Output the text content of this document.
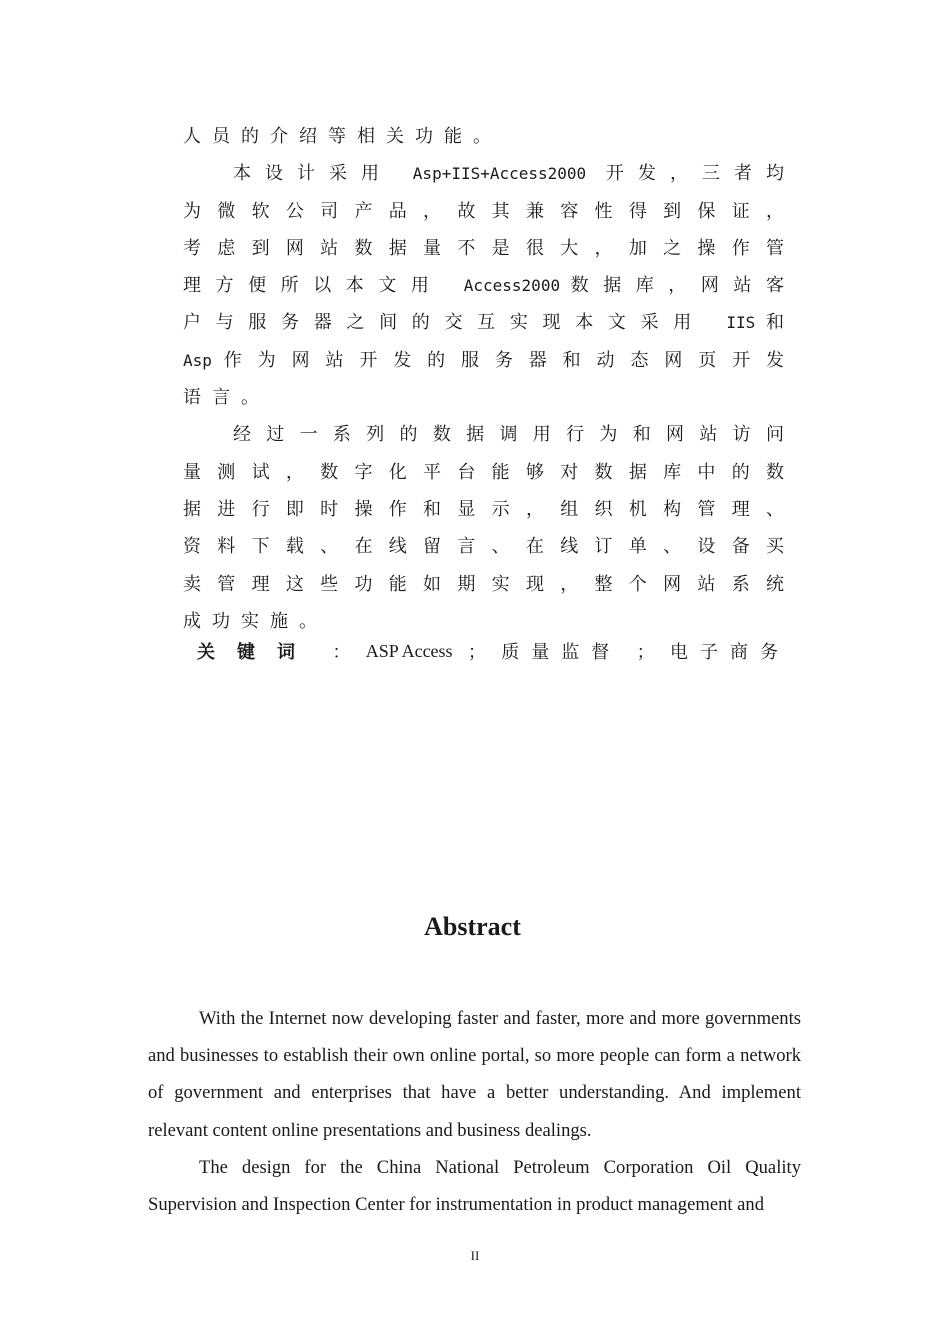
人员的介绍等相关功能。

本设计采用 Asp+IIS+Access2000 开发，三者均

为微软公司产品，故其兼容性得到保证，

考虑到网站数据量不是很大，加之操作管

理方便所以本文用 Access2000数据库，网站客

户与服务器之间的交互实现本文采用 IIS和

Asp作为网站开发的服务器和动态网页开发

语言。

经过一系列的数据调用行为和网站访问

量测试，数字化平台能够对数据库中的数

据进行即时操作和显示，组织机构管理、

资料下载、在线留言、在线订单、设备买

卖管理这些功能如期实现，整个网站系统

成功实施。

关键词 ： ASP Access ； 质量监督 ； 电子商务
Abstract

With the Internet now developing faster and faster, more and more governments and businesses to establish their own online portal, so more people can form a network of government and enterprises that have a better understanding. And implement relevant content online presentations and business dealings.

The design for the China National Petroleum Corporation Oil Quality Supervision and Inspection Center for instrumentation in product management and

II
